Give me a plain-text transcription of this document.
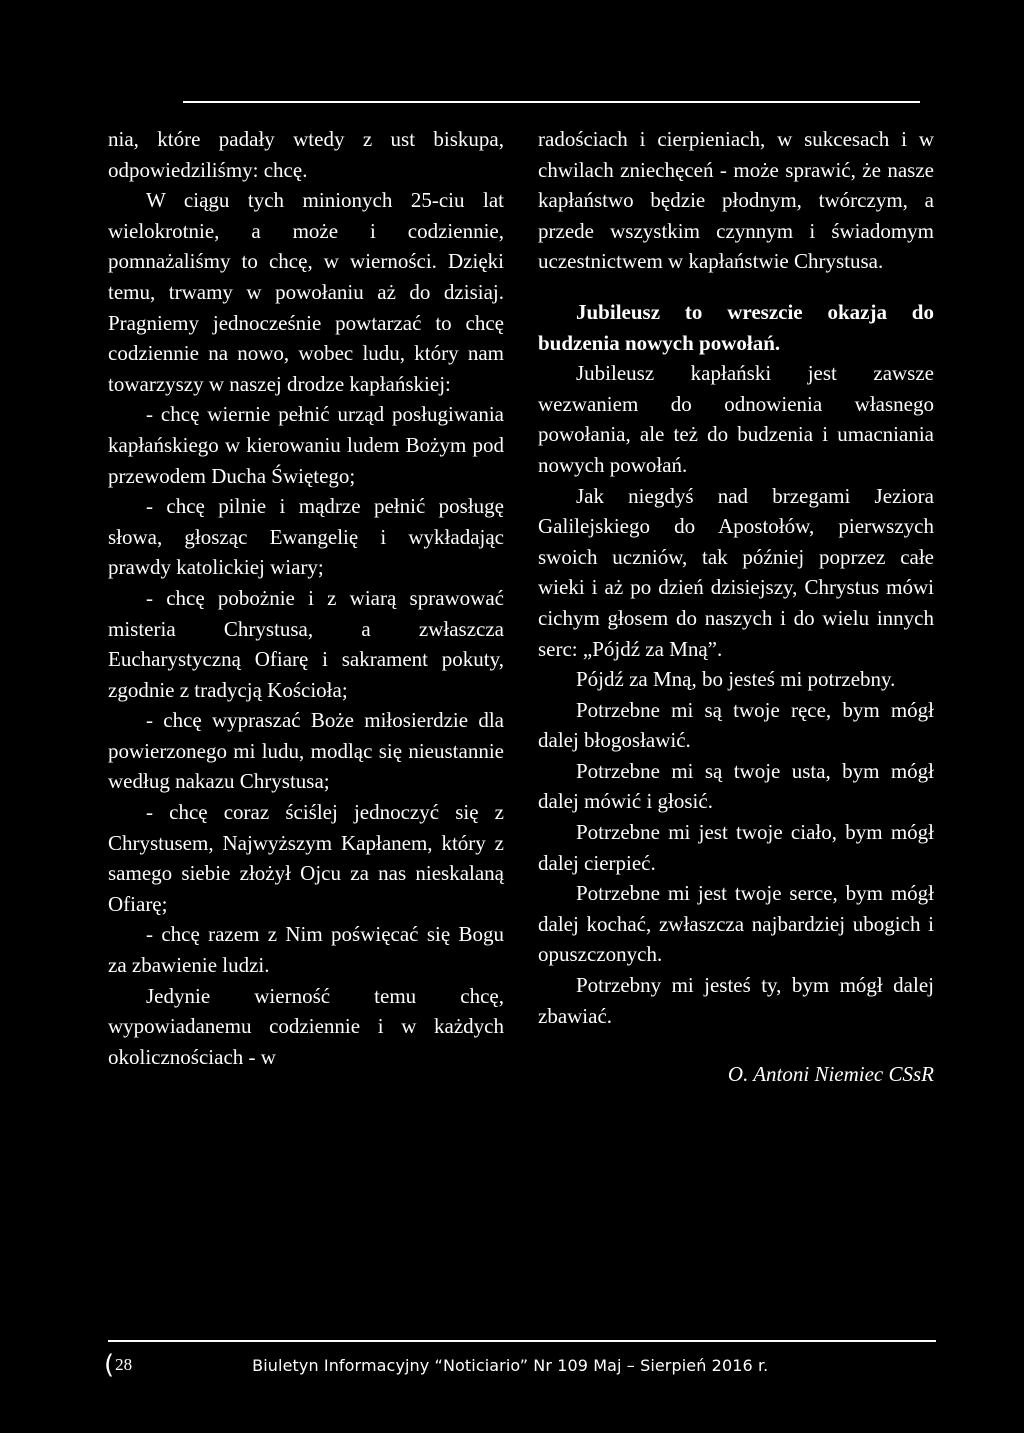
nia, które padały wtedy z ust biskupa, odpowiedziliśmy: chcę.

W ciągu tych minionych 25-ciu lat wielokrotnie, a może i codziennie, pomnażaliśmy to chcę, w wierności. Dzięki temu, trwamy w powołaniu aż do dzisiaj. Pragniemy jednocześnie powtarzać to chcę codziennie na nowo, wobec ludu, który nam towarzyszy w naszej drodze kapłańskiej:

- chcę wiernie pełnić urząd posługiwania kapłańskiego w kierowaniu ludem Bożym pod przewodem Ducha Świętego;

- chcę pilnie i mądrze pełnić posługę słowa, głosząc Ewangelię i wykładając prawdy katolickiej wiary;

- chcę pobożnie i z wiarą sprawować misteria Chrystusa, a zwłaszcza Eucharystyczną Ofiarę i sakrament pokuty, zgodnie z tradycją Kościoła;

- chcę wypraszać Boże miłosierdzie dla powierzonego mi ludu, modląc się nieustannie według nakazu Chrystusa;

- chcę coraz ściślej jednoczyć się z Chrystusem, Najwyższym Kapłanem, który z samego siebie złożył Ojcu za nas nieskalaną Ofiarę;

- chcę razem z Nim poświęcać się Bogu za zbawienie ludzi.

Jedynie wierność temu chcę, wypowiadanemu codziennie i w każdych okolicznościach - w

radościach i cierpieniach, w sukcesach i w chwilach zniechęceń - może sprawić, że nasze kapłaństwo będzie płodnym, twórczym, a przede wszystkim czynnym i świadomym uczestnictwem w kapłaństwie Chrystusa.

Jubileusz to wreszcie okazja do budzenia nowych powołań.

Jubileusz kapłański jest zawsze wezwaniem do odnowienia własnego powołania, ale też do budzenia i umacniania nowych powołań.

Jak niegdyś nad brzegami Jeziora Galilejskiego do Apostołów, pierwszych swoich uczniów, tak później poprzez całe wieki i aż po dzień dzisiejszy, Chrystus mówi cichym głosem do naszych i do wielu innych serc: „Pójdź za Mną”.

Pójdź za Mną, bo jesteś mi potrzebny.

Potrzebne mi są twoje ręce, bym mógł dalej błogosławić.

Potrzebne mi są twoje usta, bym mógł dalej mówić i głosić.

Potrzebne mi jest twoje ciało, bym mógł dalej cierpieć.

Potrzebne mi jest twoje serce, bym mógł dalej kochać, zwłaszcza najbardziej ubogich i opuszczonych.

Potrzebny mi jesteś ty, bym mógł dalej zbawiać.

O. Antoni Niemiec CSsR

( 28	Biuletyn Informacyjny “Noticiario” Nr 109 Maj – Sierpień 2016 r.
